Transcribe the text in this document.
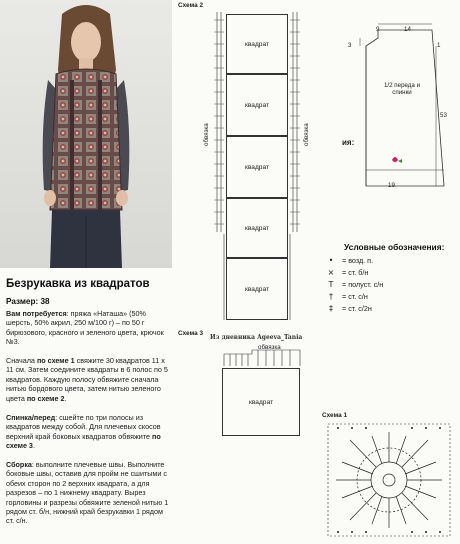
Безрукавка из квадратов
Размер: 38
Вам потребуется: пряжа «Наташа» (50% шерсть, 50% акрил, 250 м/100 г) – по 50 г бирюзового, красного и зеленого цвета, крючок №3.
Сначала по схеме 1 свяжите 30 квадратов 11 х 11 см. Затем соедините квадраты в 6 полос по 5 квадратов. Каждую полосу обвяжите сначала нитью бордового цвета, затем нитью зеленого цвета по схеме 2.
Спинка/перед: сшейте по три полосы из квадратов между собой. Для плечевых скосов верхний край боковых квадратов обвяжите по схеме 3.
Сборка: выполните плечевые швы. Выполните боковые швы, оставив для пройм не сшитыми с обеих сторон по 2 верхних квадрата, а для разрезов – по 1 нижнему квадрату. Вырез горловины и разрезы обвяжите зеленой нитью 1 рядом ст. б/н, нижний край безрукавки 1 рядом ст. с/н.
Схема 2
квадрат
квадрат
квадрат
квадрат
квадрат
обвязка	обвязка
Схема 3
Из дневника Ageeva_Tania
обвязка
квадрат
9	14
3	1
53
19
1/2 переда и спинки
ия:
Условные обозначения:
•	= возд. п.
×	= ст. б/н
Т	= полуст. с/н
†	= ст. с/н
‡	= ст. с/2н
Схема 1
